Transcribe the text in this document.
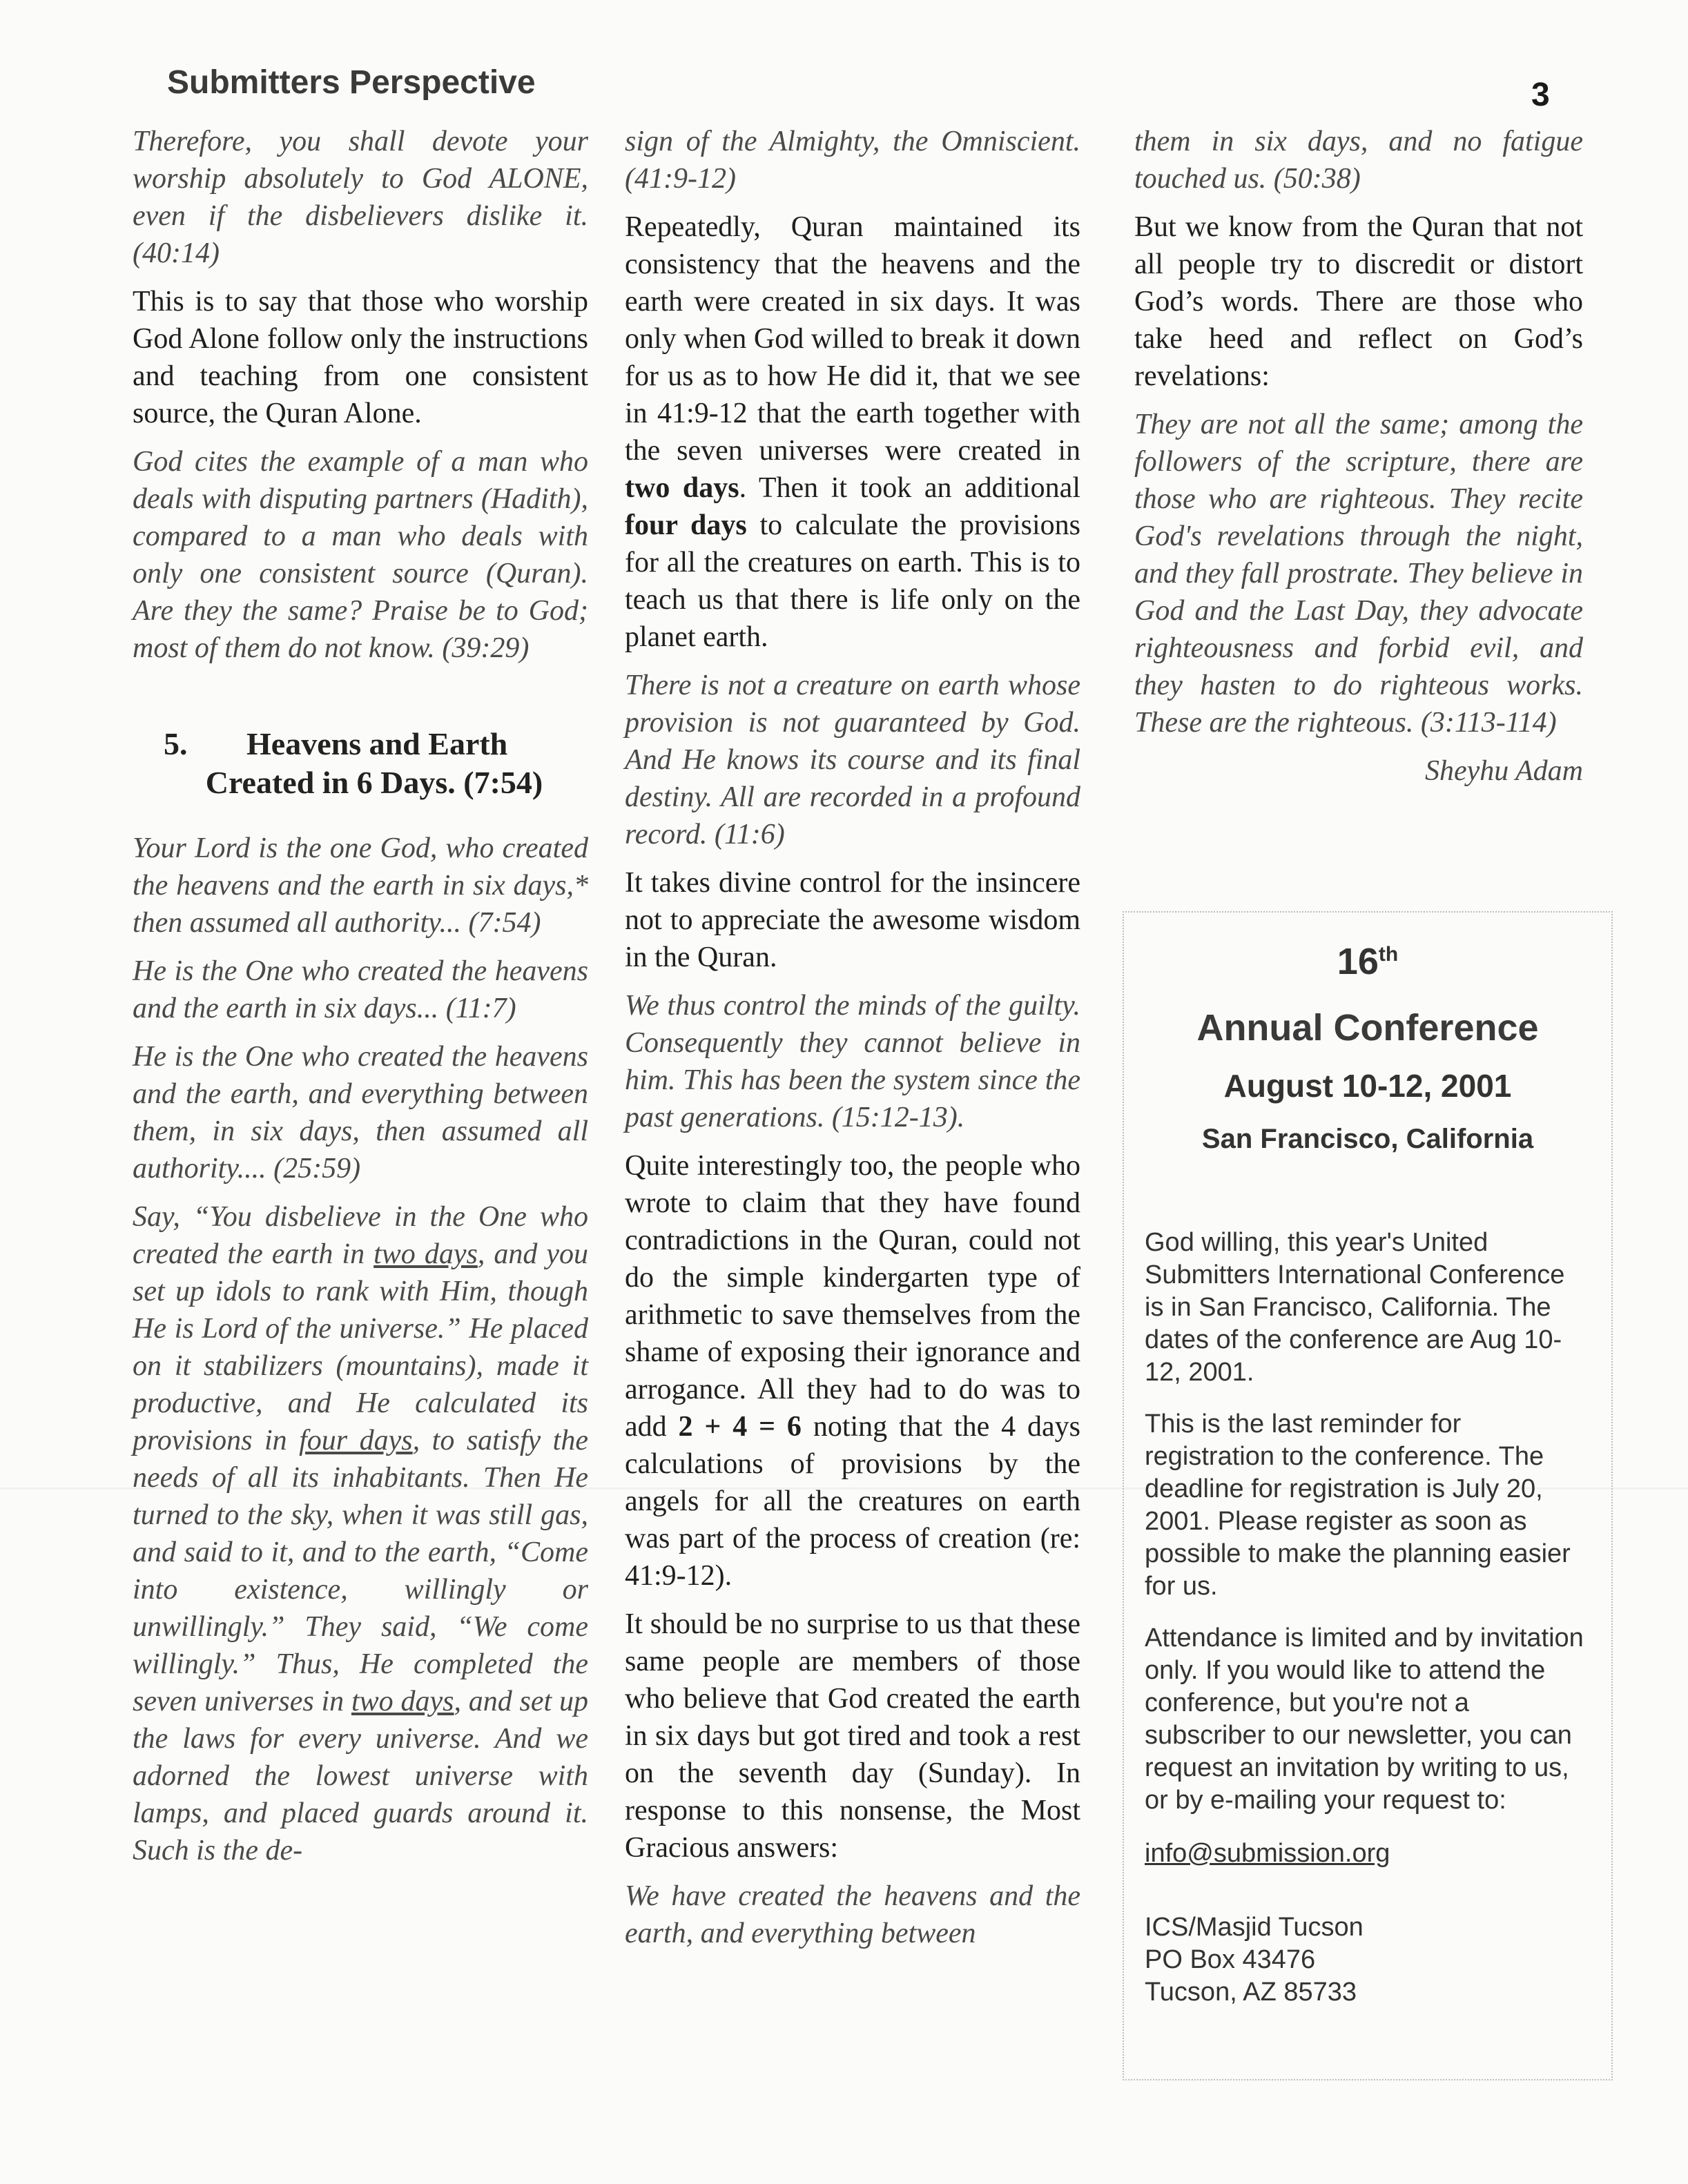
Submitters Perspective	3

Therefore, you shall devote your worship absolutely to God ALONE, even if the disbelievers dislike it. (40:14)

This is to say that those who worship God Alone follow only the instructions and teaching from one consistent source, the Quran Alone.

God cites the example of a man who deals with disputing partners (Hadith), compared to a man who deals with only one consistent source (Quran). Are they the same? Praise be to God; most of them do not know. (39:29)

5. Heavens and Earth
Created in 6 Days. (7:54)

Your Lord is the one God, who created the heavens and the earth in six days,* then assumed all authority... (7:54)

He is the One who created the heavens and the earth in six days... (11:7)

He is the One who created the heavens and the earth, and everything between them, in six days, then assumed all authority.... (25:59)

Say, “You disbelieve in the One who created the earth in two days, and you set up idols to rank with Him, though He is Lord of the universe.” He placed on it stabilizers (mountains), made it productive, and He calculated its provisions in four days, to satisfy the needs of all its inhabitants. Then He turned to the sky, when it was still gas, and said to it, and to the earth, “Come into existence, willingly or unwillingly.” They said, “We come willingly.” Thus, He completed the seven universes in two days, and set up the laws for every universe. And we adorned the lowest universe with lamps, and placed guards around it. Such is the de-

sign of the Almighty, the Omniscient. (41:9-12)

Repeatedly, Quran maintained its consistency that the heavens and the earth were created in six days. It was only when God willed to break it down for us as to how He did it, that we see in 41:9-12 that the earth together with the seven universes were created in two days. Then it took an additional four days to calculate the provisions for all the creatures on earth. This is to teach us that there is life only on the planet earth.

There is not a creature on earth whose provision is not guaranteed by God. And He knows its course and its final destiny. All are recorded in a profound record. (11:6)

It takes divine control for the insincere not to appreciate the awesome wisdom in the Quran.

We thus control the minds of the guilty. Consequently they cannot believe in him. This has been the system since the past generations. (15:12-13).

Quite interestingly too, the people who wrote to claim that they have found contradictions in the Quran, could not do the simple kindergarten type of arithmetic to save themselves from the shame of exposing their ignorance and arrogance. All they had to do was to add 2 + 4 = 6 noting that the 4 days calculations of provisions by the angels for all the creatures on earth was part of the process of creation (re: 41:9-12).

It should be no surprise to us that these same people are members of those who believe that God created the earth in six days but got tired and took a rest on the seventh day (Sunday). In response to this nonsense, the Most Gracious answers:

We have created the heavens and the earth, and everything between

them in six days, and no fatigue touched us. (50:38)

But we know from the Quran that not all people try to discredit or distort God’s words. There are those who take heed and reflect on God’s revelations:

They are not all the same; among the followers of the scripture, there are those who are righteous. They recite God's revelations through the night, and they fall prostrate. They believe in God and the Last Day, they advocate righteousness and forbid evil, and they hasten to do righteous works. These are the righteous. (3:113-114)

Sheyhu Adam

16th
Annual Conference
August 10-12, 2001
San Francisco, California
God willing, this year's United Submitters International Conference is in San Francisco, California. The dates of the conference are Aug 10-12, 2001.
This is the last reminder for registration to the conference. The deadline for registration is July 20, 2001. Please register as soon as possible to make the planning easier for us.
Attendance is limited and by invitation only. If you would like to attend the conference, but you're not a subscriber to our newsletter, you can request an invitation by writing to us, or by e-mailing your request to:
info@submission.org
ICS/Masjid Tucson
PO Box 43476
Tucson, AZ 85733
